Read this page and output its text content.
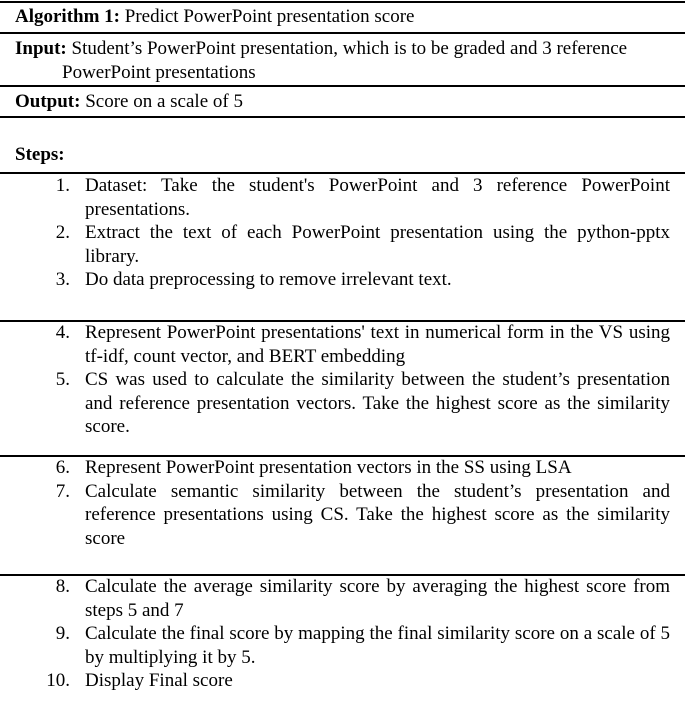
Algorithm 1: Predict PowerPoint presentation score
Input: Student’s PowerPoint presentation, which is to be graded and 3 reference PowerPoint presentations
Output: Score on a scale of 5
Steps:
1. Dataset: Take the student's PowerPoint and 3 reference PowerPoint presentations.
2. Extract the text of each PowerPoint presentation using the python-pptx library.
3. Do data preprocessing to remove irrelevant text.
4. Represent PowerPoint presentations' text in numerical form in the VS using tf-idf, count vector, and BERT embedding
5. CS was used to calculate the similarity between the student’s presentation and reference presentation vectors. Take the highest score as the similarity score.
6. Represent PowerPoint presentation vectors in the SS using LSA
7. Calculate semantic similarity between the student’s presentation and reference presentations using CS. Take the highest score as the similarity score
8. Calculate the average similarity score by averaging the highest score from steps 5 and 7
9. Calculate the final score by mapping the final similarity score on a scale of 5 by multiplying it by 5.
10. Display Final score
